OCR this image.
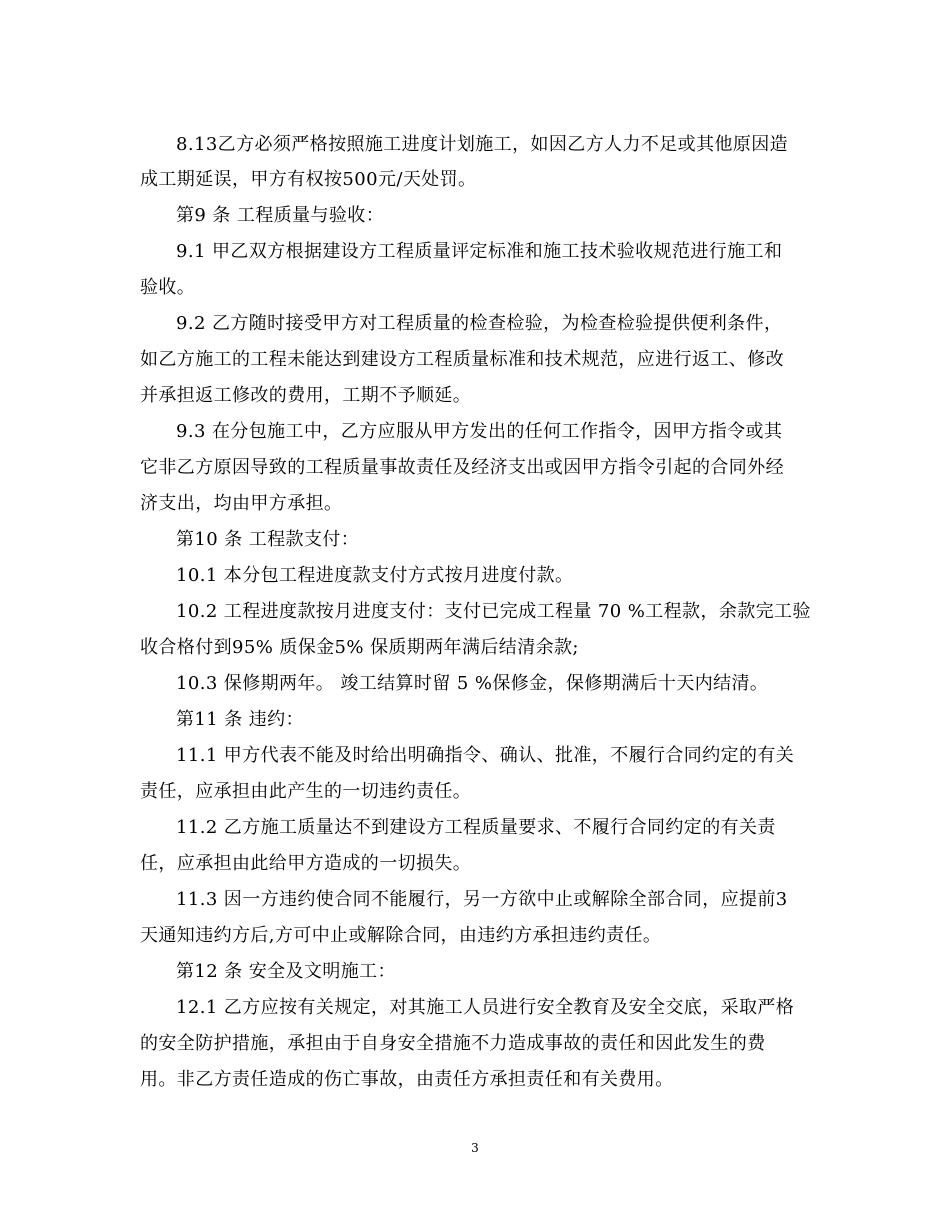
8.13乙方必须严格按照施工进度计划施工，如因乙方人力不足或其他原因造
成工期延误，甲方有权按500元/天处罚。
第9 条 工程质量与验收：
9.1 甲乙双方根据建设方工程质量评定标准和施工技术验收规范进行施工和
验收。
9.2 乙方随时接受甲方对工程质量的检查检验，为检查检验提供便利条件，
如乙方施工的工程未能达到建设方工程质量标准和技术规范，应进行返工、修改
并承担返工修改的费用，工期不予顺延。
9.3 在分包施工中，乙方应服从甲方发出的任何工作指令，因甲方指令或其
它非乙方原因导致的工程质量事故责任及经济支出或因甲方指令引起的合同外经
济支出，均由甲方承担。
第10 条 工程款支付：
10.1 本分包工程进度款支付方式按月进度付款。
10.2 工程进度款按月进度支付：支付已完成工程量 70 %工程款，余款完工验
收合格付到95% 质保金5% 保质期两年满后结清余款;
10.3 保修期两年。 竣工结算时留 5 %保修金，保修期满后十天内结清。
第11 条 违约：
11.1 甲方代表不能及时给出明确指令、确认、批准，不履行合同约定的有关
责任，应承担由此产生的一切违约责任。
11.2 乙方施工质量达不到建设方工程质量要求、不履行合同约定的有关责
任，应承担由此给甲方造成的一切损失。
11.3 因一方违约使合同不能履行，另一方欲中止或解除全部合同，应提前3
天通知违约方后,方可中止或解除合同，由违约方承担违约责任。
第12 条 安全及文明施工：
12.1 乙方应按有关规定，对其施工人员进行安全教育及安全交底，采取严格
的安全防护措施，承担由于自身安全措施不力造成事故的责任和因此发生的费
用。非乙方责任造成的伤亡事故，由责任方承担责任和有关费用。
3
